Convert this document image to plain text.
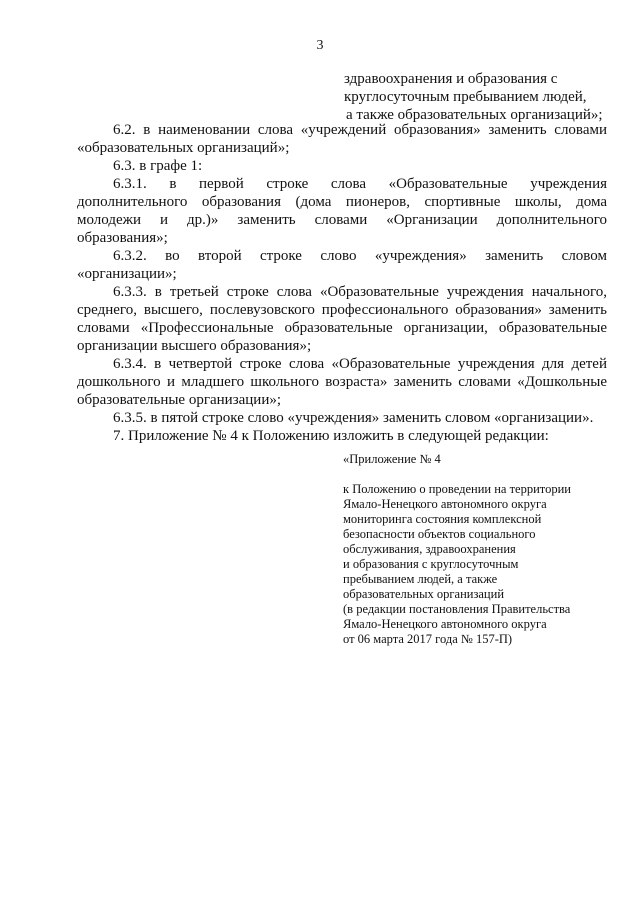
3
здравоохранения и образования с
круглосуточным пребыванием людей,
а также образовательных организаций»;

6.2. в наименовании слова «учреждений образования» заменить словами «образовательных организаций»;

6.3. в графе 1:

6.3.1. в первой строке слова «Образовательные учреждения дополнительного образования (дома пионеров, спортивные школы, дома молодежи и др.)» заменить словами «Организации дополнительного образования»;

6.3.2. во второй строке слово «учреждения» заменить словом «организации»;

6.3.3. в третьей строке слова «Образовательные учреждения начального, среднего, высшего, послевузовского профессионального образования» заменить словами «Профессиональные образовательные организации, образовательные организации высшего образования»;

6.3.4. в четвертой строке слова «Образовательные учреждения для детей дошкольного и младшего школьного возраста» заменить словами «Дошкольные образовательные организации»;

6.3.5. в пятой строке слово «учреждения» заменить словом «организации».

7. Приложение № 4 к Положению изложить в следующей редакции:

«Приложение № 4
к Положению о проведении на территории
Ямало-Ненецкого автономного округа
мониторинга состояния комплексной
безопасности объектов социального
обслуживания, здравоохранения
и образования с круглосуточным
пребыванием людей, а также
образовательных организаций
(в редакции постановления Правительства
Ямало-Ненецкого автономного округа
от 06 марта 2017 года № 157-П)
